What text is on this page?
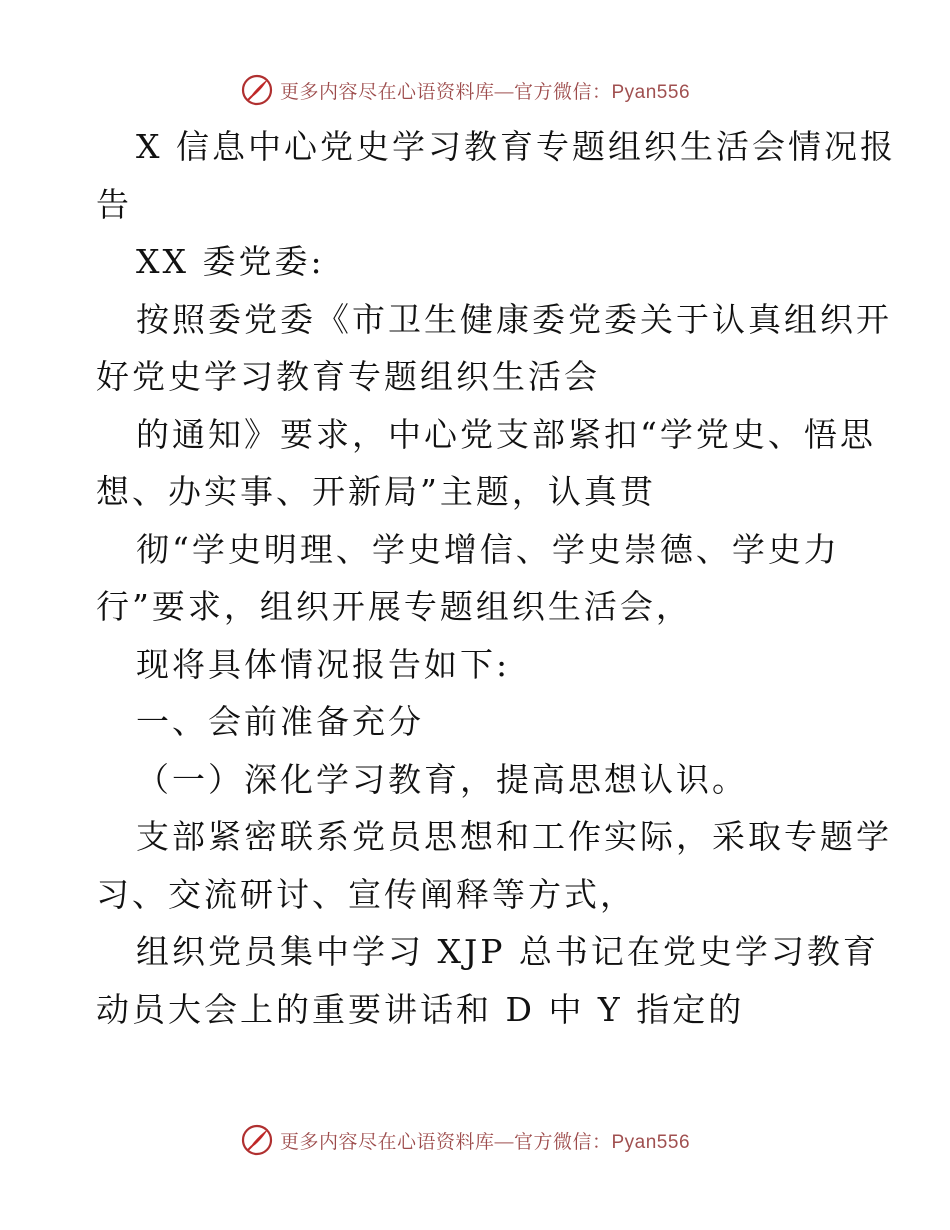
更多内容尽在心语资料库—官方微信：Pyan556
X 信息中心党史学习教育专题组织生活会情况报
告
XX 委党委:
按照委党委《市卫生健康委党委关于认真组织开
好党史学习教育专题组织生活会
的通知》要求，中心党支部紧扣“学党史、悟思
想、办实事、开新局”主题，认真贯
彻“学史明理、学史增信、学史崇德、学史力
行”要求，组织开展专题组织生活会，
现将具体情况报告如下:
一、会前准备充分
（一）深化学习教育，提高思想认识。
支部紧密联系党员思想和工作实际，采取专题学
习、交流研讨、宣传阐释等方式，
组织党员集中学习 XJP 总书记在党史学习教育
动员大会上的重要讲话和 D 中 Y 指定的
更多内容尽在心语资料库—官方微信：Pyan556
